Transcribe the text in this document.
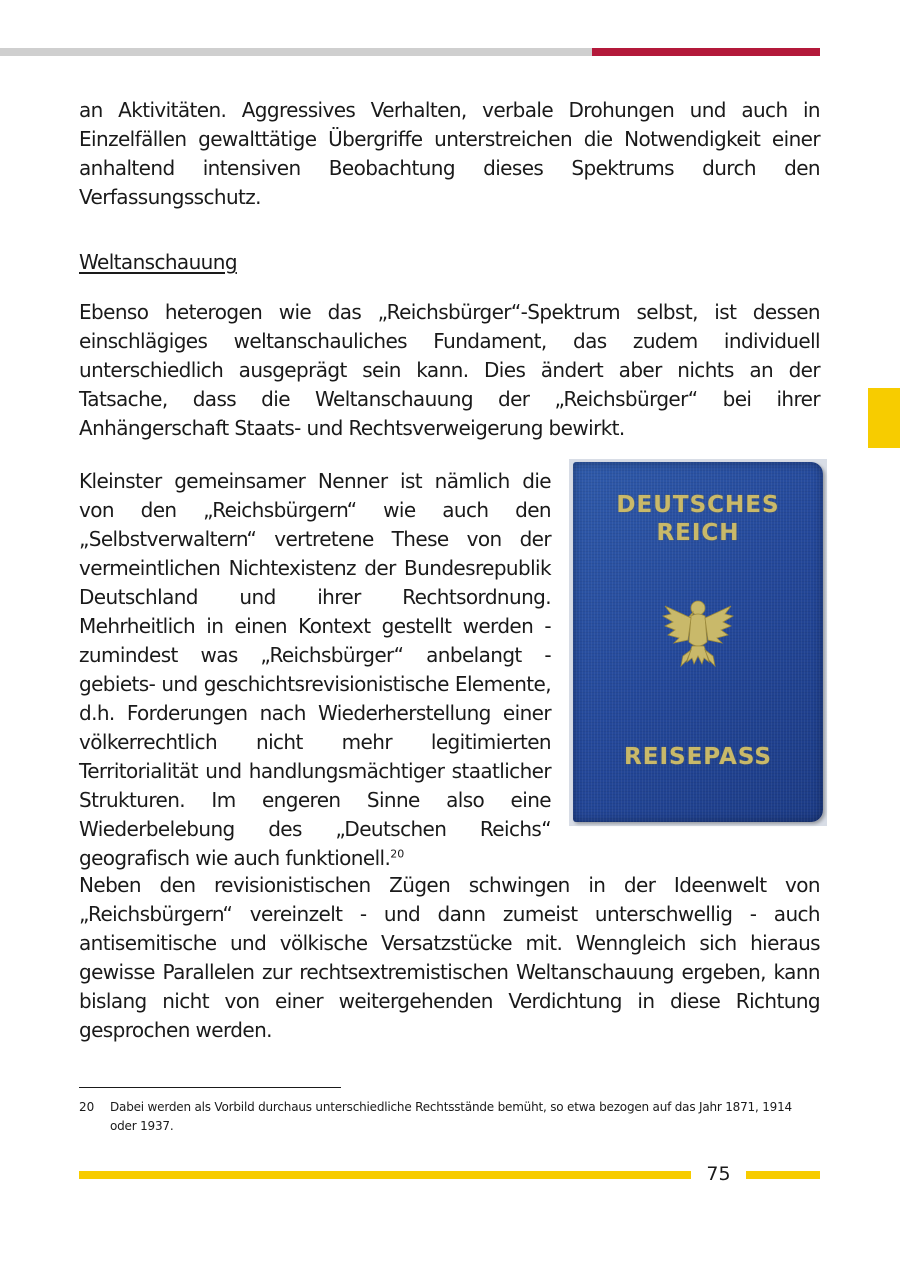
an Aktivitäten. Aggressives Verhalten, verbale Drohungen und auch in Einzelfällen gewalttätige Übergriffe unterstreichen die Notwendigkeit einer anhaltend intensiven Beobachtung dieses Spektrums durch den Verfassungsschutz.
Weltanschauung
Ebenso heterogen wie das „Reichsbürger“-Spektrum selbst, ist dessen einschlägiges weltanschauliches Fundament, das zudem individuell unterschiedlich ausgeprägt sein kann. Dies ändert aber nichts an der Tatsache, dass die Weltanschauung der „Reichsbürger“ bei ihrer Anhängerschaft Staats- und Rechtsverweigerung bewirkt.
Kleinster gemeinsamer Nenner ist nämlich die von den „Reichsbürgern“ wie auch den „Selbstverwaltern“ vertretene These von der vermeintlichen Nichtexistenz der Bundesrepublik Deutschland und ihrer Rechtsordnung. Mehrheitlich in einen Kontext gestellt werden - zumindest was „Reichsbürger“ anbelangt - gebiets- und geschichtsrevisionistische Elemente, d.h. Forderungen nach Wiederherstellung einer völkerrechtlich nicht mehr legitimierten Territorialität und handlungsmächtiger staatlicher Strukturen. Im engeren Sinne also eine Wiederbelebung des „Deutschen Reichs“ geografisch wie auch funktionell.$^{20}$
DEUTSCHES
REICH
REISEPASS
Neben den revisionistischen Zügen schwingen in der Ideenwelt von „Reichsbürgern“ vereinzelt - und dann zumeist unterschwellig - auch antisemitische und völkische Versatzstücke mit. Wenngleich sich hieraus gewisse Parallelen zur rechtsextremistischen Weltanschauung ergeben, kann bislang nicht von einer weitergehenden Verdichtung in diese Richtung gesprochen werden.
20 Dabei werden als Vorbild durchaus unterschiedliche Rechtsstände bemüht, so etwa bezogen auf das Jahr 1871, 1914 oder 1937.
75
